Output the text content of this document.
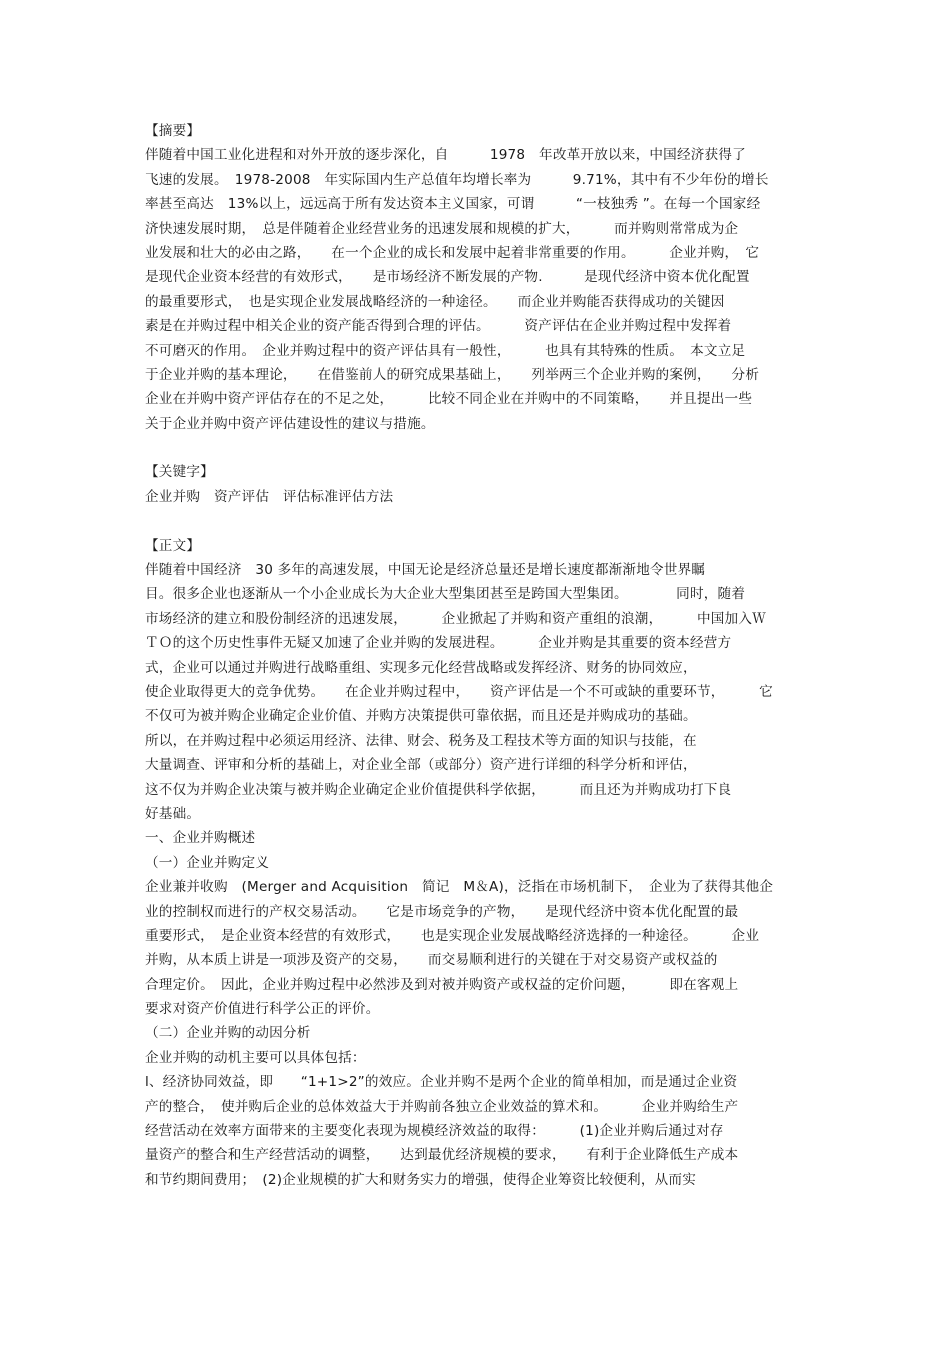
【摘要】
伴随着中国工业化进程和对外开放的逐步深化，自　　　1978　年改革开放以来，中国经济获得了
飞速的发展。　1978-2008　年实际国内生产总值年均增长率为　　　9.71%，其中有不少年份的增长
率甚至高达　13%以上，远远高于所有发达资本主义国家，可谓　　　“一枝独秀 ”。在每一个国家经
济快速发展时期，　总是伴随着企业经营业务的迅速发展和规模的扩大，　　　而并购则常常成为企
业发展和壮大的必由之路，　　在一个企业的成长和发展中起着非常重要的作用。　　　企业并购，　它
是现代企业资本经营的有效形式，　　是市场经济不断发展的产物.　　　是现代经济中资本优化配置
的最重要形式，　也是实现企业发展战略经济的一种途径。　　而企业并购能否获得成功的关键因
素是在并购过程中相关企业的资产能否得到合理的评估。　　　资产评估在企业并购过程中发挥着
不可磨灭的作用。　企业并购过程中的资产评估具有一般性，　　　也具有其特殊的性质。　本文立足
于企业并购的基本理论，　　在借鉴前人的研究成果基础上，　　列举两三个企业并购的案例，　　分析
企业在并购中资产评估存在的不足之处，　　　比较不同企业在并购中的不同策略，　　并且提出一些
关于企业并购中资产评估建设性的建议与措施。
【关键字】
企业并购　资产评估　评估标准评估方法
【正文】
伴随着中国经济　30 多年的高速发展，中国无论是经济总量还是增长速度都渐渐地令世界瞩
目。很多企业也逐渐从一个小企业成长为大企业大型集团甚至是跨国大型集团。　　　　同时，随着
市场经济的建立和股份制经济的迅速发展，　　　企业掀起了并购和资产重组的浪潮，　　　中国加入Ｗ
ＴＯ的这个历史性事件无疑又加速了企业并购的发展进程。　　　企业并购是其重要的资本经营方
式，企业可以通过并购进行战略重组、实现多元化经营战略或发挥经济、财务的协同效应，
使企业取得更大的竞争优势。　　在企业并购过程中，　　资产评估是一个不可或缺的重要环节，　　　它
不仅可为被并购企业确定企业价值、并购方决策提供可靠依据，而且还是并购成功的基础。
所以，在并购过程中必须运用经济、法律、财会、税务及工程技术等方面的知识与技能，在
大量调查、评审和分析的基础上，对企业全部（或部分）资产进行详细的科学分析和评估，
这不仅为并购企业决策与被并购企业确定企业价值提供科学依据，　　　而且还为并购成功打下良
好基础。
一、企业并购概述
（一）企业并购定义
企业兼并收购　(Merger and Acquisition　简记　M＆A)，泛指在市场机制下，　企业为了获得其他企
业的控制权而进行的产权交易活动。　　它是市场竞争的产物，　　是现代经济中资本优化配置的最
重要形式，　是企业资本经营的有效形式，　　也是实现企业发展战略经济选择的一种途径。　　　企业
并购，从本质上讲是一项涉及资产的交易，　　而交易顺利进行的关键在于对交易资产或权益的
合理定价。　因此，企业并购过程中必然涉及到对被并购资产或权益的定价问题，　　　即在客观上
要求对资产价值进行科学公正的评价。
（二）企业并购的动因分析
企业并购的动机主要可以具体包括：
l、经济协同效益，即　　“1+1>2”的效应。企业并购不是两个企业的简单相加，而是通过企业资
产的整合，　使并购后企业的总体效益大于并购前各独立企业效益的算术和。　　　企业并购给生产
经营活动在效率方面带来的主要变化表现为规模经济效益的取得：　　　(1)企业并购后通过对存
量资产的整合和生产经营活动的调整，　　达到最优经济规模的要求，　　有利于企业降低生产成本
和节约期间费用；　(2)企业规模的扩大和财务实力的增强，使得企业筹资比较便利，从而实
